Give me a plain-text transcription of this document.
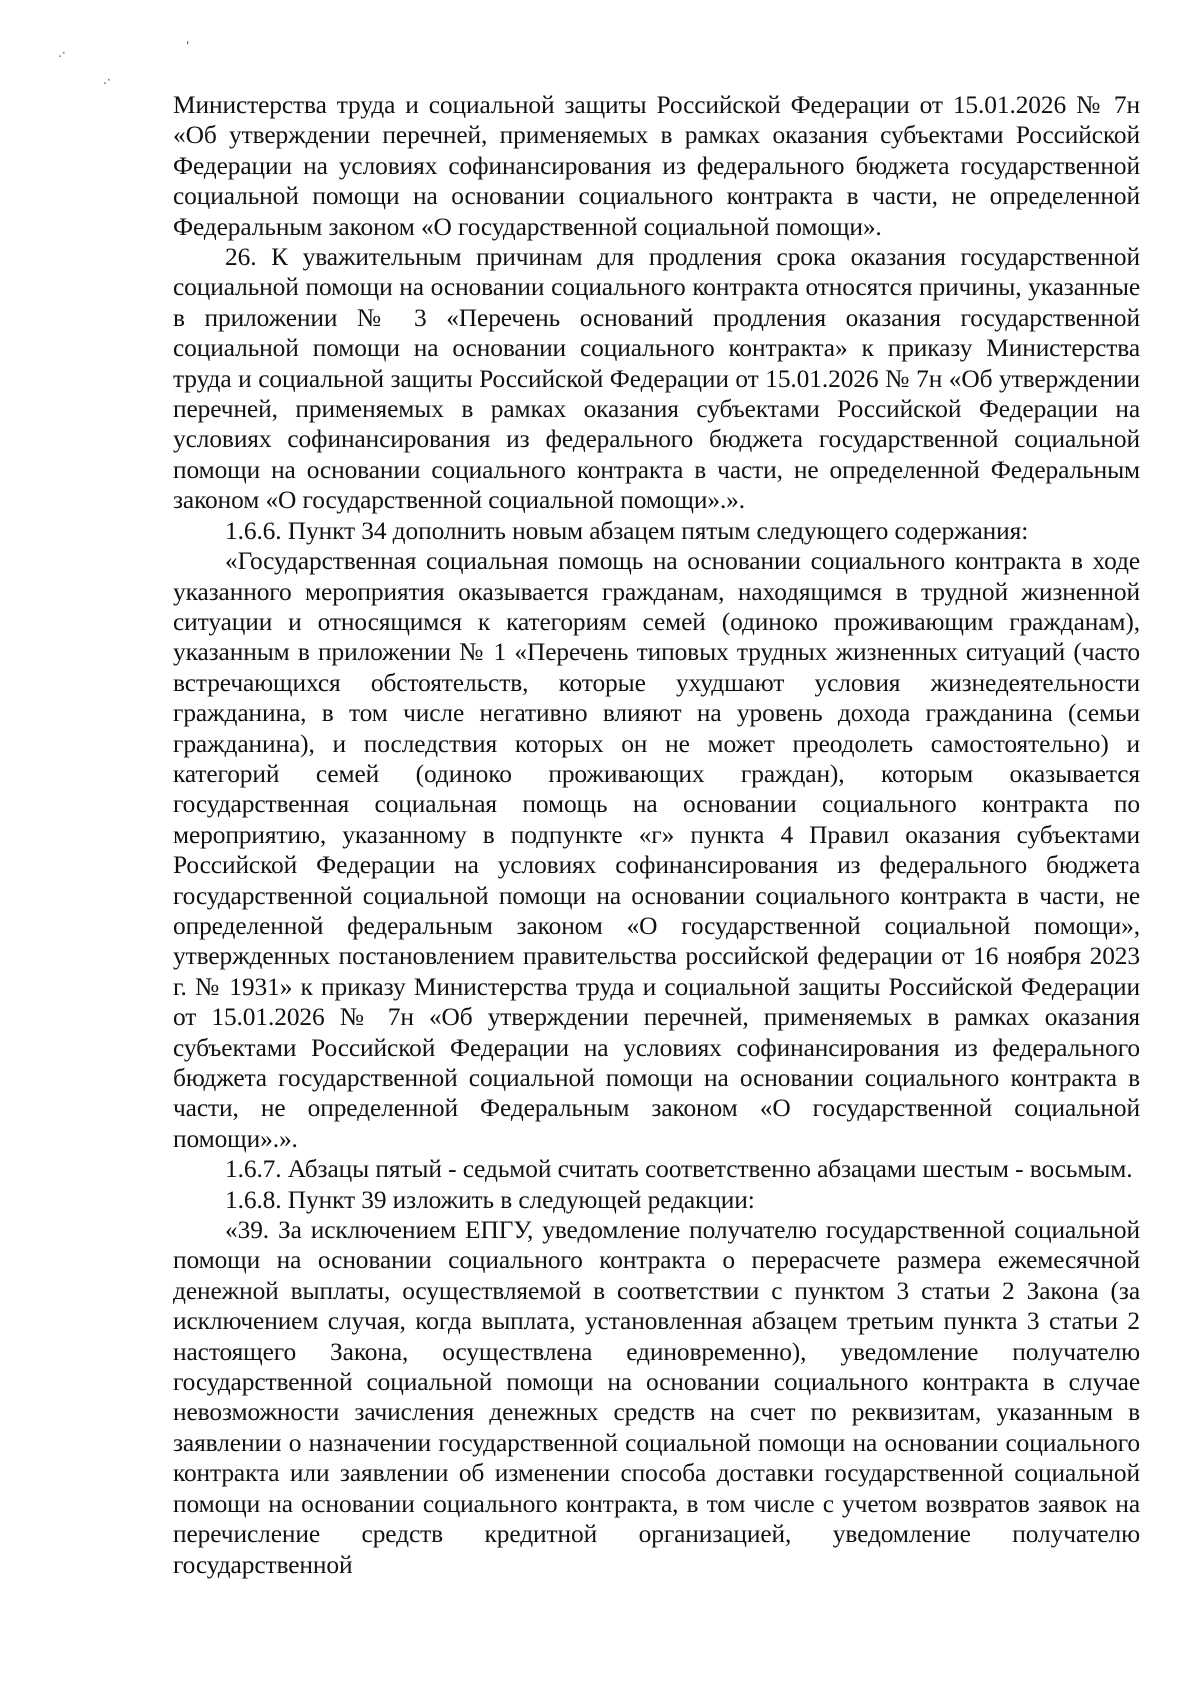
.·	'
.·

Министерства труда и социальной защиты Российской Федерации от 15.01.2026 № 7н «Об утверждении перечней, применяемых в рамках оказания субъектами Российской Федерации на условиях софинансирования из федерального бюджета государственной социальной помощи на основании социального контракта в части, не определенной Федеральным законом «О государственной социальной помощи».

26. К уважительным причинам для продления срока оказания государственной социальной помощи на основании социального контракта относятся причины, указанные в приложении № 3 «Перечень оснований продления оказания государственной социальной помощи на основании социального контракта» к приказу Министерства труда и социальной защиты Российской Федерации от 15.01.2026 № 7н «Об утверждении перечней, применяемых в рамках оказания субъектами Российской Федерации на условиях софинансирования из федерального бюджета государственной социальной помощи на основании социального контракта в части, не определенной Федеральным законом «О государственной социальной помощи».».

1.6.6. Пункт 34 дополнить новым абзацем пятым следующего содержания:

«Государственная социальная помощь на основании социального контракта в ходе указанного мероприятия оказывается гражданам, находящимся в трудной жизненной ситуации и относящимся к категориям семей (одиноко проживающим гражданам), указанным в приложении № 1 «Перечень типовых трудных жизненных ситуаций (часто встречающихся обстоятельств, которые ухудшают условия жизнедеятельности гражданина, в том числе негативно влияют на уровень дохода гражданина (семьи гражданина), и последствия которых он не может преодолеть самостоятельно) и категорий семей (одиноко проживающих граждан), которым оказывается государственная социальная помощь на основании социального контракта по мероприятию, указанному в подпункте «г» пункта 4 Правил оказания субъектами Российской Федерации на условиях софинансирования из федерального бюджета государственной социальной помощи на основании социального контракта в части, не определенной федеральным законом «О государственной социальной помощи», утвержденных постановлением правительства российской федерации от 16 ноября 2023 г. № 1931» к приказу Министерства труда и социальной защиты Российской Федерации от 15.01.2026 № 7н «Об утверждении перечней, применяемых в рамках оказания субъектами Российской Федерации на условиях софинансирования из федерального бюджета государственной социальной помощи на основании социального контракта в части, не определенной Федеральным законом «О государственной социальной помощи».».

1.6.7. Абзацы пятый - седьмой считать соответственно абзацами шестым - восьмым.

1.6.8. Пункт 39 изложить в следующей редакции:

«39. За исключением ЕПГУ, уведомление получателю государственной социальной помощи на основании социального контракта о перерасчете размера ежемесячной денежной выплаты, осуществляемой в соответствии с пунктом 3 статьи 2 Закона (за исключением случая, когда выплата, установленная абзацем третьим пункта 3 статьи 2 настоящего Закона, осуществлена единовременно), уведомление получателю государственной социальной помощи на основании социального контракта в случае невозможности зачисления денежных средств на счет по реквизитам, указанным в заявлении о назначении государственной социальной помощи на основании социального контракта или заявлении об изменении способа доставки государственной социальной помощи на основании социального контракта, в том числе с учетом возвратов заявок на перечисление средств кредитной организацией, уведомление получателю государственной
